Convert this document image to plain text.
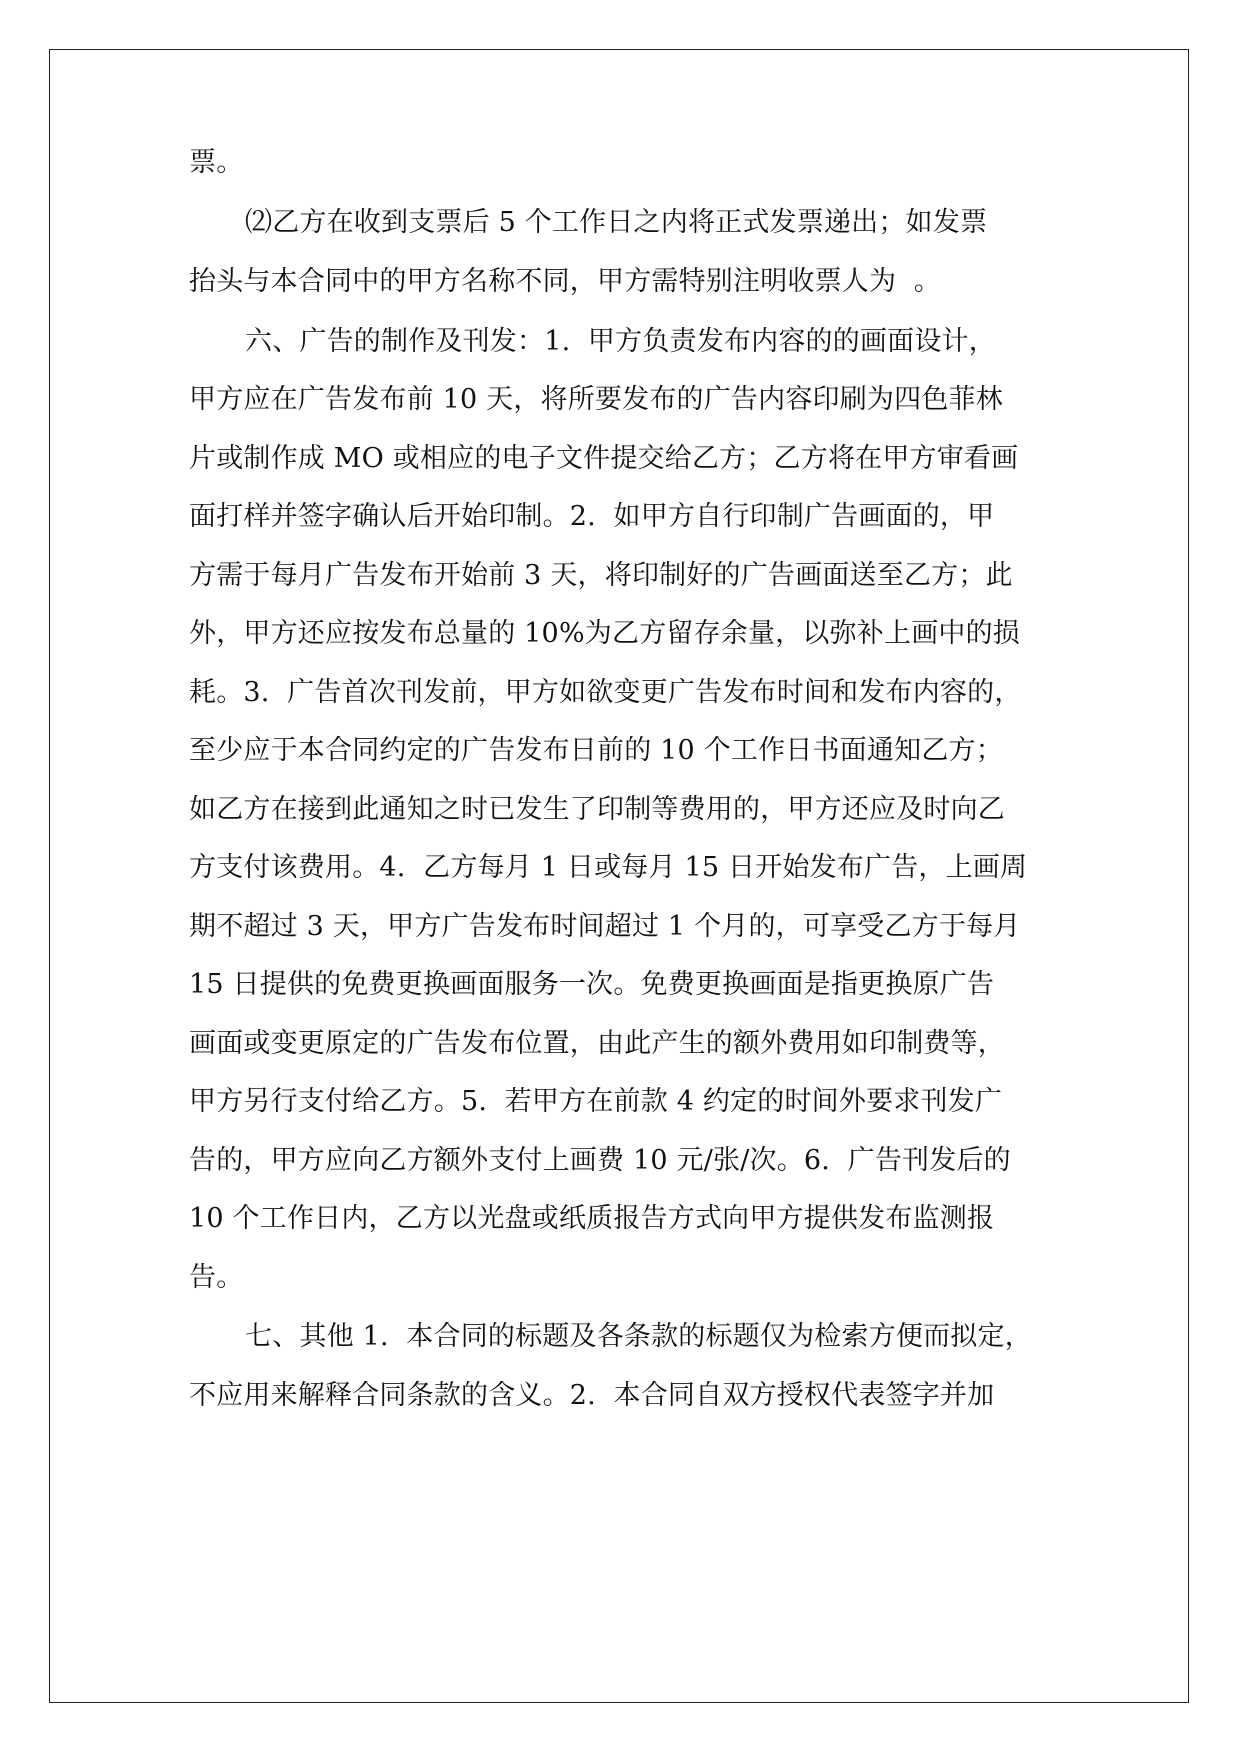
票。
⑵乙方在收到支票后 5 个工作日之内将正式发票递出；如发票
抬头与本合同中的甲方名称不同，甲方需特别注明收票人为  。
六、广告的制作及刊发：1.  甲方负责发布内容的的画面设计，
甲方应在广告发布前 10 天，将所要发布的广告内容印刷为四色菲林
片或制作成 MO 或相应的电子文件提交给乙方；乙方将在甲方审看画
面打样并签字确认后开始印制。2.  如甲方自行印制广告画面的，甲
方需于每月广告发布开始前 3 天，将印制好的广告画面送至乙方；此
外，甲方还应按发布总量的 10%为乙方留存余量，以弥补上画中的损
耗。3.  广告首次刊发前，甲方如欲变更广告发布时间和发布内容的，
至少应于本合同约定的广告发布日前的 10 个工作日书面通知乙方；
如乙方在接到此通知之时已发生了印制等费用的，甲方还应及时向乙
方支付该费用。4.  乙方每月 1 日或每月 15 日开始发布广告，上画周
期不超过 3 天，甲方广告发布时间超过 1 个月的，可享受乙方于每月
15 日提供的免费更换画面服务一次。免费更换画面是指更换原广告
画面或变更原定的广告发布位置，由此产生的额外费用如印制费等，
甲方另行支付给乙方。5.  若甲方在前款 4 约定的时间外要求刊发广
告的，甲方应向乙方额外支付上画费 10 元/张/次。6.  广告刊发后的
10 个工作日内，乙方以光盘或纸质报告方式向甲方提供发布监测报
告。
七、其他 1.  本合同的标题及各条款的标题仅为检索方便而拟定，
不应用来解释合同条款的含义。2.  本合同自双方授权代表签字并加
